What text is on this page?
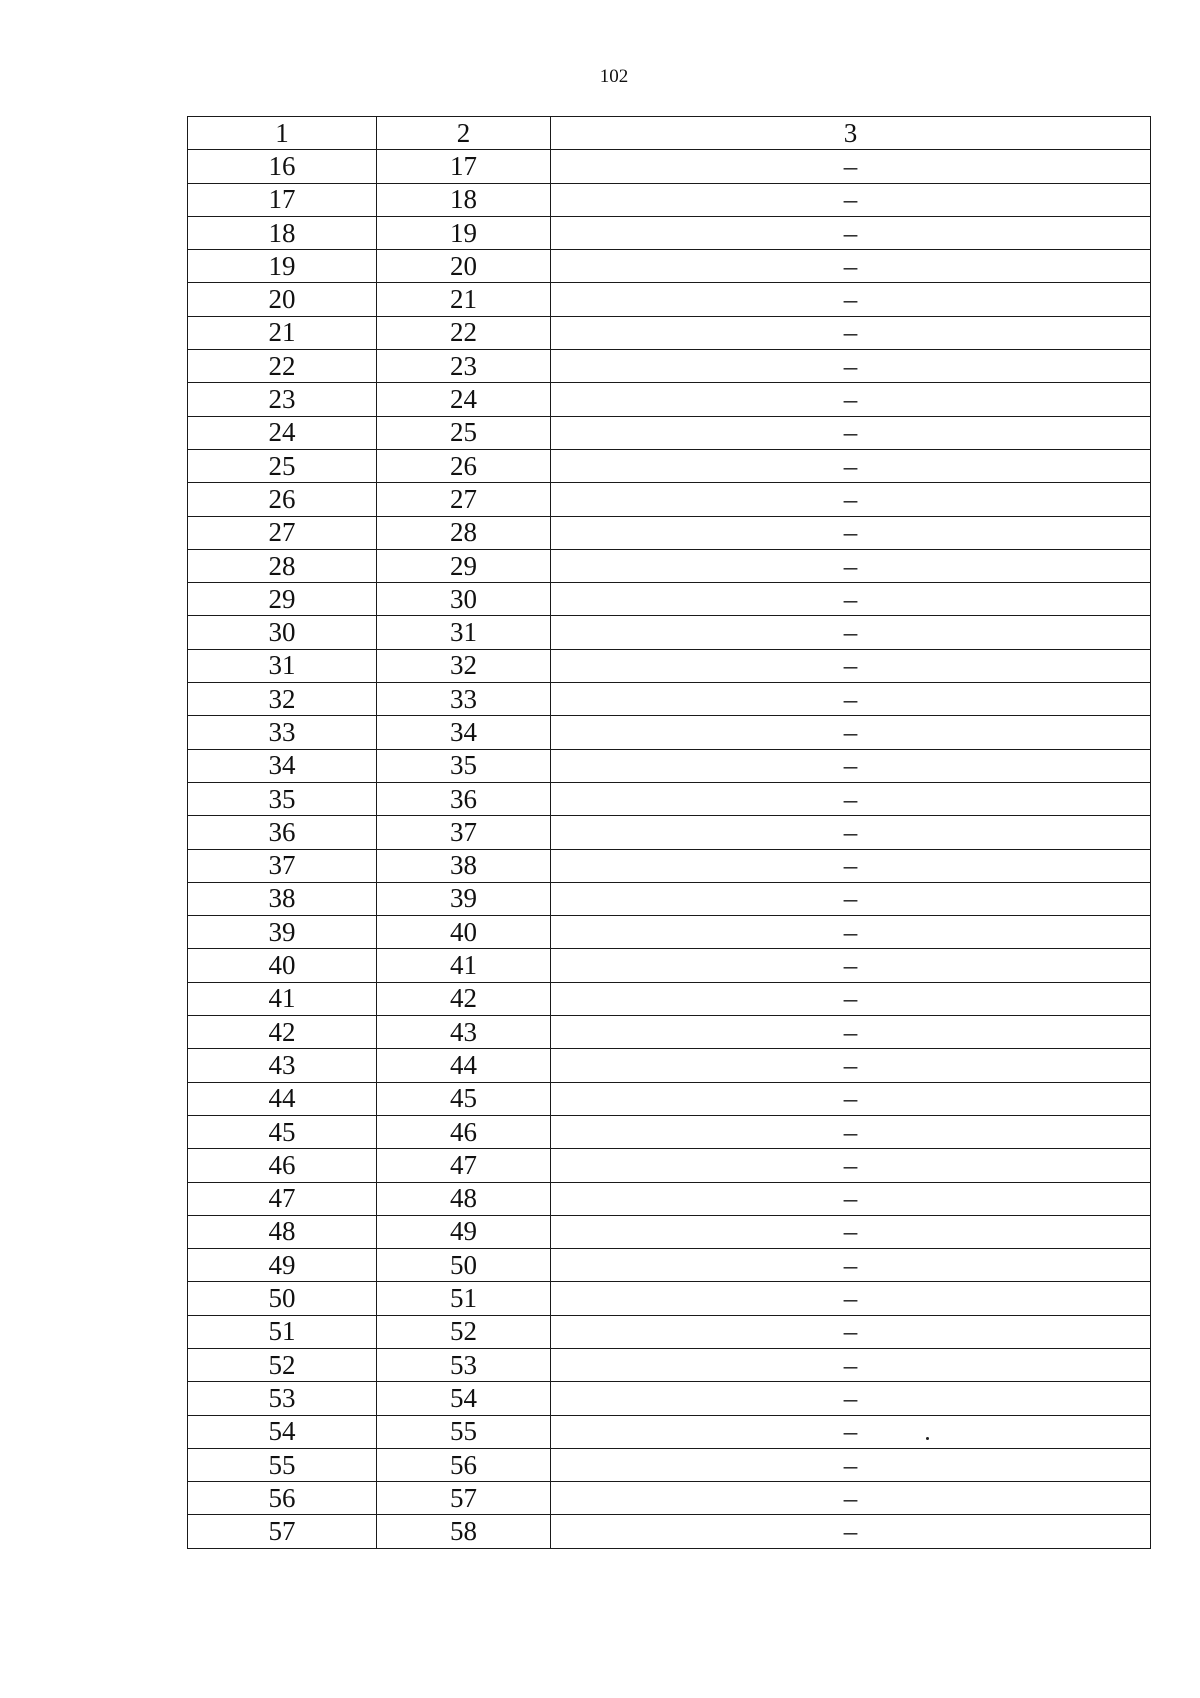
102
1	2	3
16	17	–
17	18	–
18	19	–
19	20	–
20	21	–
21	22	–
22	23	–
23	24	–
24	25	–
25	26	–
26	27	–
27	28	–
28	29	–
29	30	–
30	31	–
31	32	–
32	33	–
33	34	–
34	35	–
35	36	–
36	37	–
37	38	–
38	39	–
39	40	–
40	41	–
41	42	–
42	43	–
43	44	–
44	45	–
45	46	–
46	47	–
47	48	–
48	49	–
49	50	–
50	51	–
51	52	–
52	53	–
53	54	–
54	55	–
55	56	–
56	57	–
57	58	–
